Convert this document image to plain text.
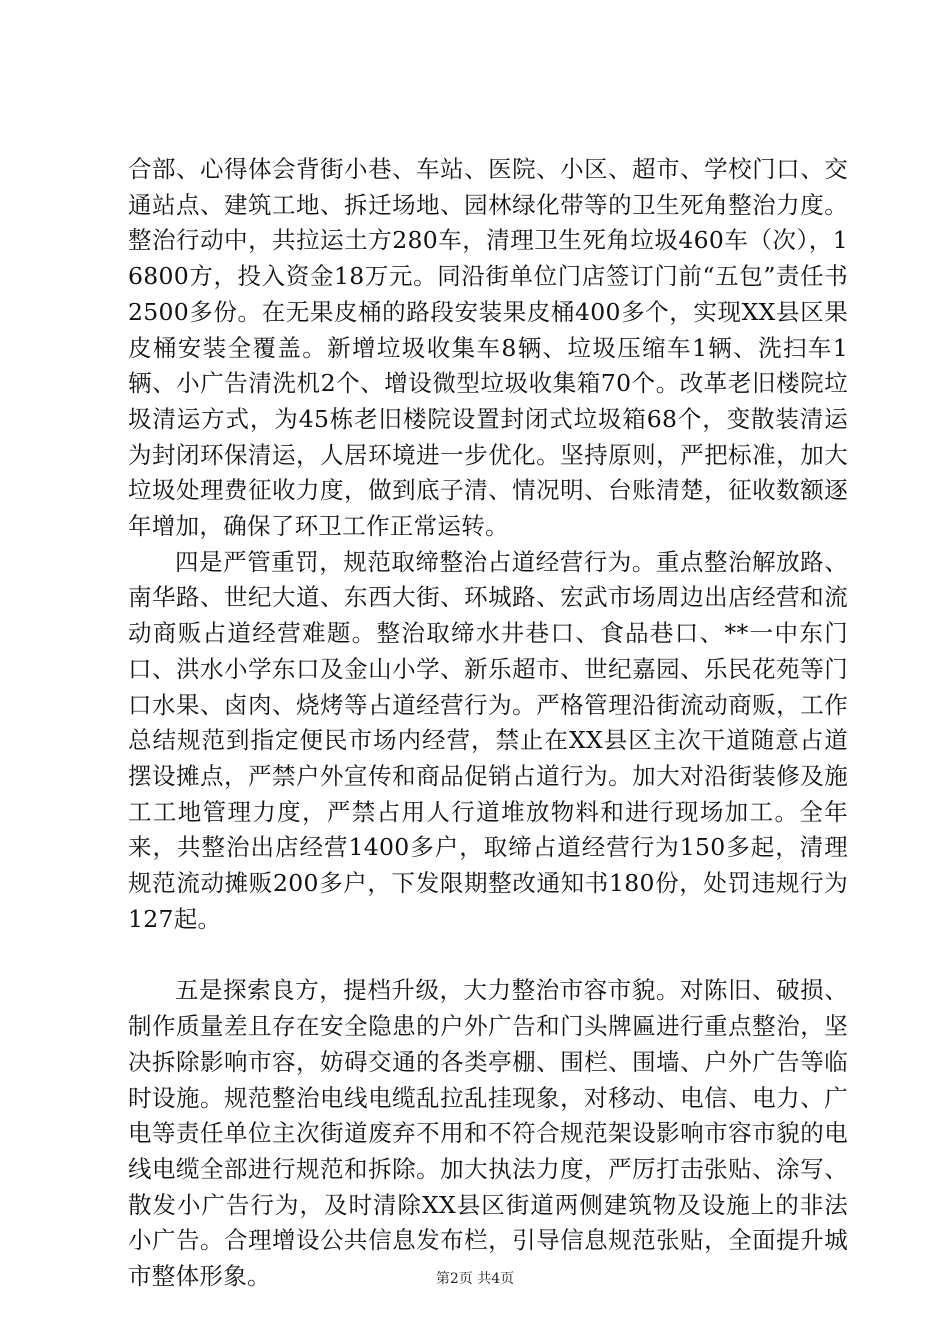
合部、心得体会背街小巷、车站、医院、小区、超市、学校门口、交通站点、建筑工地、拆迁场地、园林绿化带等的卫生死角整治力度。整治行动中，共拉运土方280车，清理卫生死角垃圾460车（次），16800方，投入资金18万元。同沿街单位门店签订门前“五包”责任书2500多份。在无果皮桶的路段安装果皮桶400多个，实现XX县区果皮桶安装全覆盖。新增垃圾收集车8辆、垃圾压缩车1辆、洗扫车1辆、小广告清洗机2个、增设微型垃圾收集箱70个。改革老旧楼院垃圾清运方式，为45栋老旧楼院设置封闭式垃圾箱68个，变散装清运为封闭环保清运，人居环境进一步优化。坚持原则，严把标准，加大垃圾处理费征收力度，做到底子清、情况明、台账清楚，征收数额逐年增加，确保了环卫工作正常运转。

四是严管重罚，规范取缔整治占道经营行为。重点整治解放路、南华路、世纪大道、东西大街、环城路、宏武市场周边出店经营和流动商贩占道经营难题。整治取缔水井巷口、食品巷口、**一中东门口、洪水小学东口及金山小学、新乐超市、世纪嘉园、乐民花苑等门口水果、卤肉、烧烤等占道经营行为。严格管理沿街流动商贩，工作总结规范到指定便民市场内经营，禁止在XX县区主次干道随意占道摆设摊点，严禁户外宣传和商品促销占道行为。加大对沿街装修及施工工地管理力度，严禁占用人行道堆放物料和进行现场加工。全年来，共整治出店经营1400多户，取缔占道经营行为150多起，清理规范流动摊贩200多户，下发限期整改通知书180份，处罚违规行为127起。

五是探索良方，提档升级，大力整治市容市貌。对陈旧、破损、制作质量差且存在安全隐患的户外广告和门头牌匾进行重点整治，坚决拆除影响市容，妨碍交通的各类亭棚、围栏、围墙、户外广告等临时设施。规范整治电线电缆乱拉乱挂现象，对移动、电信、电力、广电等责任单位主次街道废弃不用和不符合规范架设影响市容市貌的电线电缆全部进行规范和拆除。加大执法力度，严厉打击张贴、涂写、散发小广告行为，及时清除XX县区街道两侧建筑物及设施上的非法小广告。合理增设公共信息发布栏，引导信息规范张贴，全面提升城市整体形象。	第2页 共4页
